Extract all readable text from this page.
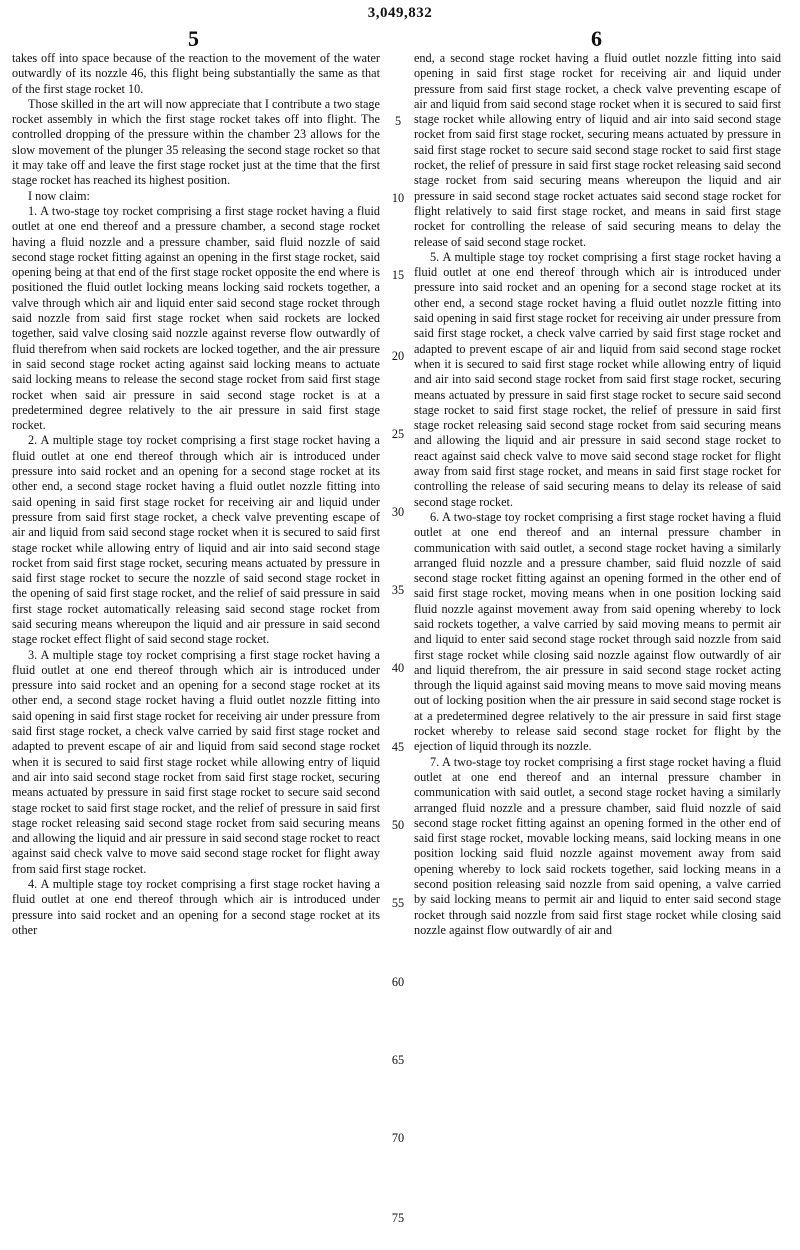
3,049,832
5	6

takes off into space because of the reaction to the movement of the water outwardly of its nozzle 46, this flight being substantially the same as that of the first stage rocket 10.

Those skilled in the art will now appreciate that I contribute a two stage rocket assembly in which the first stage rocket takes off into flight. The controlled dropping of the pressure within the chamber 23 allows for the slow movement of the plunger 35 releasing the second stage rocket so that it may take off and leave the first stage rocket just at the time that the first stage rocket has reached its highest position.

I now claim:

1. A two-stage toy rocket comprising a first stage rocket having a fluid outlet at one end thereof and a pressure chamber, a second stage rocket having a fluid nozzle and a pressure chamber, said fluid nozzle of said second stage rocket fitting against an opening in the first stage rocket, said opening being at that end of the first stage rocket opposite the end where is positioned the fluid outlet locking means locking said rockets together, a valve through which air and liquid enter said second stage rocket through said nozzle from said first stage rocket when said rockets are locked together, said valve closing said nozzle against reverse flow outwardly of fluid therefrom when said rockets are locked together, and the air pressure in said second stage rocket acting against said locking means to actuate said locking means to release the second stage rocket from said first stage rocket when said air pressure in said second stage rocket is at a predetermined degree relatively to the air pressure in said first stage rocket.

2. A multiple stage toy rocket comprising a first stage rocket having a fluid outlet at one end thereof through which air is introduced under pressure into said rocket and an opening for a second stage rocket at its other end, a second stage rocket having a fluid outlet nozzle fitting into said opening in said first stage rocket for receiving air and liquid under pressure from said first stage rocket, a check valve preventing escape of air and liquid from said second stage rocket when it is secured to said first stage rocket while allowing entry of liquid and air into said second stage rocket from said first stage rocket, securing means actuated by pressure in said first stage rocket to secure the nozzle of said second stage rocket in the opening of said first stage rocket, and the relief of said pressure in said first stage rocket automatically releasing said second stage rocket from said securing means whereupon the liquid and air pressure in said second stage rocket effect flight of said second stage rocket.

3. A multiple stage toy rocket comprising a first stage rocket having a fluid outlet at one end thereof through which air is introduced under pressure into said rocket and an opening for a second stage rocket at its other end, a second stage rocket having a fluid outlet nozzle fitting into said opening in said first stage rocket for receiving air under pressure from said first stage rocket, a check valve carried by said first stage rocket and adapted to prevent escape of air and liquid from said second stage rocket when it is secured to said first stage rocket while allowing entry of liquid and air into said second stage rocket from said first stage rocket, securing means actuated by pressure in said first stage rocket to secure said second stage rocket to said first stage rocket, and the relief of pressure in said first stage rocket releasing said second stage rocket from said securing means and allowing the liquid and air pressure in said second stage rocket to react against said check valve to move said second stage rocket for flight away from said first stage rocket.

4. A multiple stage toy rocket comprising a first stage rocket having a fluid outlet at one end thereof through which air is introduced under pressure into said rocket and an opening for a second stage rocket at its other

end, a second stage rocket having a fluid outlet nozzle fitting into said opening in said first stage rocket for receiving air and liquid under pressure from said first stage rocket, a check valve preventing escape of air and liquid from said second stage rocket when it is secured to said first stage rocket while allowing entry of liquid and air into said second stage rocket from said first stage rocket, securing means actuated by pressure in said first stage rocket to secure said second stage rocket to said first stage rocket, the relief of pressure in said first stage rocket releasing said second stage rocket from said securing means whereupon the liquid and air pressure in said second stage rocket actuates said second stage rocket for flight relatively to said first stage rocket, and means in said first stage rocket for controlling the release of said securing means to delay the release of said second stage rocket.

5. A multiple stage toy rocket comprising a first stage rocket having a fluid outlet at one end thereof through which air is introduced under pressure into said rocket and an opening for a second stage rocket at its other end, a second stage rocket having a fluid outlet nozzle fitting into said opening in said first stage rocket for receiving air under pressure from said first stage rocket, a check valve carried by said first stage rocket and adapted to prevent escape of air and liquid from said second stage rocket when it is secured to said first stage rocket while allowing entry of liquid and air into said second stage rocket from said first stage rocket, securing means actuated by pressure in said first stage rocket to secure said second stage rocket to said first stage rocket, the relief of pressure in said first stage rocket releasing said second stage rocket from said securing means and allowing the liquid and air pressure in said second stage rocket to react against said check valve to move said second stage rocket for flight away from said first stage rocket, and means in said first stage rocket for controlling the release of said securing means to delay its release of said second stage rocket.

6. A two-stage toy rocket comprising a first stage rocket having a fluid outlet at one end thereof and an internal pressure chamber in communication with said outlet, a second stage rocket having a similarly arranged fluid nozzle and a pressure chamber, said fluid nozzle of said second stage rocket fitting against an opening formed in the other end of said first stage rocket, moving means when in one position locking said fluid nozzle against movement away from said opening whereby to lock said rockets together, a valve carried by said moving means to permit air and liquid to enter said second stage rocket through said nozzle from said first stage rocket while closing said nozzle against flow outwardly of air and liquid therefrom, the air pressure in said second stage rocket acting through the liquid against said moving means to move said moving means out of locking position when the air pressure in said second stage rocket is at a predetermined degree relatively to the air pressure in said first stage rocket whereby to release said second stage rocket for flight by the ejection of liquid through its nozzle.

7. A two-stage toy rocket comprising a first stage rocket having a fluid outlet at one end thereof and an internal pressure chamber in communication with said outlet, a second stage rocket having a similarly arranged fluid nozzle and a pressure chamber, said fluid nozzle of said second stage rocket fitting against an opening formed in the other end of said first stage rocket, movable locking means, said locking means in one position locking said fluid nozzle against movement away from said opening whereby to lock said rockets together, said locking means in a second position releasing said nozzle from said opening, a valve carried by said locking means to permit air and liquid to enter said second stage rocket through said nozzle from said first stage rocket while closing said nozzle against flow outwardly of air and

5
10
15
20
25
30
35
40
45
50
55
60
65
70
75
